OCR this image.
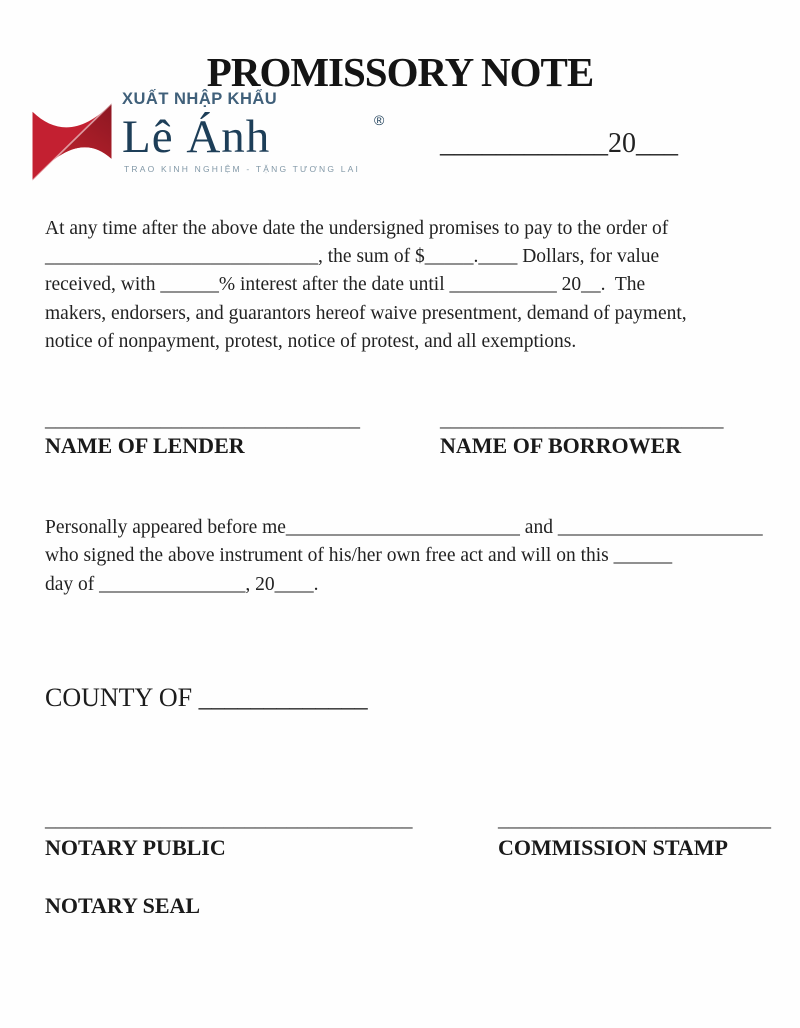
PROMISSORY NOTE
XUẤT NHẬP KHẨU
Lê Ánh	®
TRAO KINH NGHIỆM - TẶNG TƯƠNG LAI
____________20___
At any time after the above date the undersigned promises to pay to the order of
____________________________, the sum of $_____.____ Dollars, for value
received, with ______% interest after the date until ___________ 20__.  The
makers, endorsers, and guarantors hereof waive presentment, demand of payment,
notice of nonpayment, protest, notice of protest, and all exemptions.
______________________________
NAME OF LENDER
___________________________
NAME OF BORROWER
Personally appeared before me________________________ and _____________________
who signed the above instrument of his/her own free act and will on this ______
day of _______________, 20____.
COUNTY OF _____________
___________________________________	__________________________
NOTARY PUBLIC	COMMISSION STAMP
NOTARY SEAL
